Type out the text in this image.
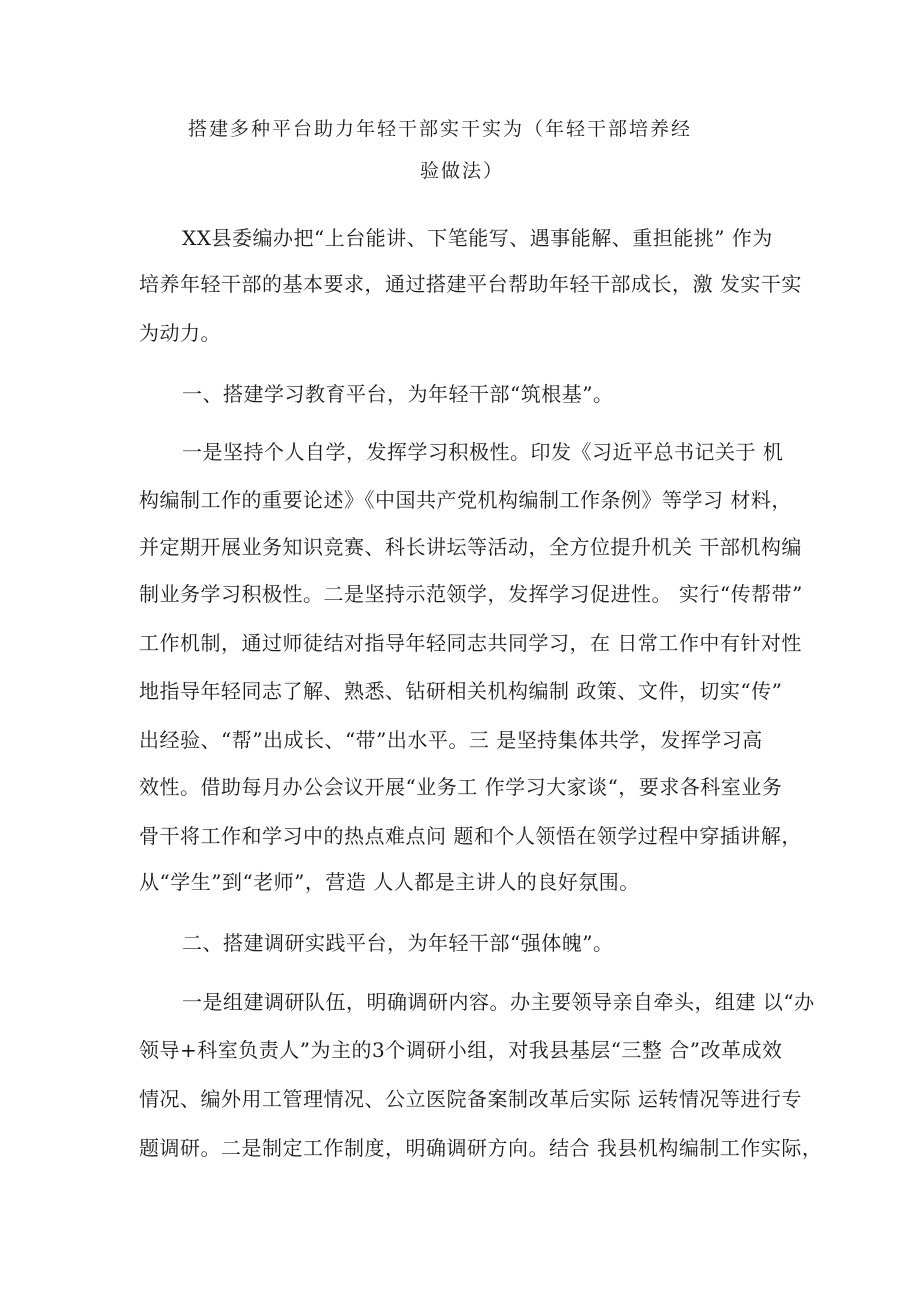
搭建多种平台助力年轻干部实干实为（年轻干部培养经
验做法）
XX县委编办把“上台能讲、下笔能写、遇事能解、重担能挑” 作为
培养年轻干部的基本要求，通过搭建平台帮助年轻干部成长，激 发实干实
为动力。
一、搭建学习教育平台，为年轻干部“筑根基”。
一是坚持个人自学，发挥学习积极性。印发《习近平总书记关于 机
构编制工作的重要论述》《中国共产党机构编制工作条例》等学习 材料，
并定期开展业务知识竞赛、科长讲坛等活动，全方位提升机关 干部机构编
制业务学习积极性。二是坚持示范领学，发挥学习促进性。 实行“传帮带”
工作机制，通过师徒结对指导年轻同志共同学习，在 日常工作中有针对性
地指导年轻同志了解、熟悉、钻研相关机构编制 政策、文件，切实“传”
出经验、“帮”出成长、“带”出水平。三 是坚持集体共学，发挥学习高
效性。借助每月办公会议开展“业务工 作学习大家谈“，要求各科室业务
骨干将工作和学习中的热点难点问 题和个人领悟在领学过程中穿插讲解，
从“学生”到“老师”，营造 人人都是主讲人的良好氛围。
二、搭建调研实践平台，为年轻干部“强体魄”。
一是组建调研队伍，明确调研内容。办主要领导亲自牵头，组建 以“办
领导+科室负责人”为主的3个调研小组，对我县基层“三整 合”改革成效
情况、编外用工管理情况、公立医院备案制改革后实际 运转情况等进行专
题调研。二是制定工作制度，明确调研方向。结合 我县机构编制工作实际，
